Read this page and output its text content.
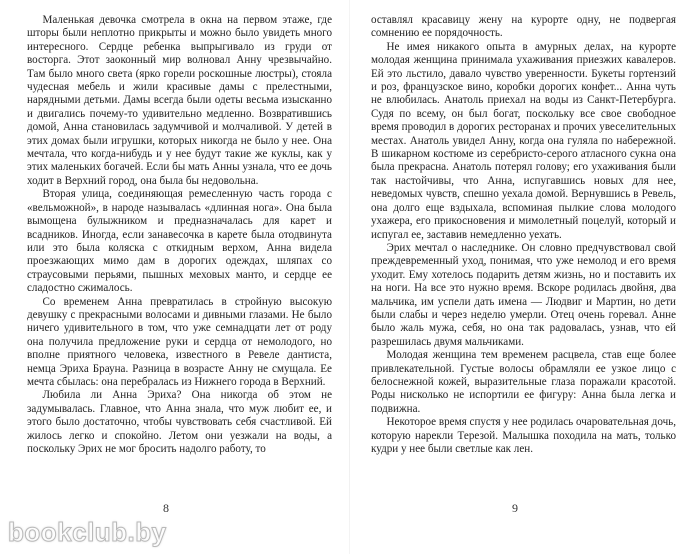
Маленькая девочка смотрела в окна на первом этаже, где шторы были неплотно прикрыты и можно было увидеть много интересного. Сердце ребенка выпрыгивало из груди от восторга. Этот заоконный мир волновал Анну чрезвычайно. Там было много света (ярко горели роскошные люстры), стояла чудесная мебель и жили красивые дамы с прелестными, нарядными детьми. Дамы всегда были одеты весьма изысканно и двигались почему-то удивительно медленно. Возвратившись домой, Анна становилась задумчивой и молчаливой. У детей в этих домах были игрушки, которых никогда не было у нее. Она мечтала, что когда-нибудь и у нее будут такие же куклы, как у этих маленьких богачей. Если бы мать Анны узнала, что ее дочь ходит в Верхний город, она была бы недовольна.

Вторая улица, соединяющая ремесленную часть города с «вельможной», в народе называлась «длинная нога». Она была вымощена булыжником и предназначалась для карет и всадников. Иногда, если занавесочка в карете была отодвинута или это была коляска с откидным верхом, Анна видела проезжающих мимо дам в дорогих одеждах, шляпах со страусовыми перьями, пышных меховых манто, и сердце ее сладостно сжималось.

Со временем Анна превратилась в стройную высокую девушку с прекрасными волосами и дивными глазами. Не было ничего удивительного в том, что уже семнадцати лет от роду она получила предложение руки и сердца от немолодого, но вполне приятного человека, известного в Ревеле дантиста, немца Эриха Брауна. Разница в возрасте Анну не смущала. Ее мечта сбылась: она перебралась из Нижнего города в Верхний.

Любила ли Анна Эриха? Она никогда об этом не задумывалась. Главное, что Анна знала, что муж любит ее, и этого было достаточно, чтобы чувствовать себя счастливой. Ей жилось легко и спокойно. Летом они уезжали на воды, а поскольку Эрих не мог бросить надолго работу, то

оставлял красавицу жену на курорте одну, не подвергая сомнению ее порядочность.

Не имея никакого опыта в амурных делах, на курорте молодая женщина принимала ухаживания приезжих кавалеров. Ей это льстило, давало чувство уверенности. Букеты гортензий и роз, французское вино, коробки дорогих конфет... Анна чуть не влюбилась. Анатоль приехал на воды из Санкт-Петербурга. Судя по всему, он был богат, поскольку все свое свободное время проводил в дорогих ресторанах и прочих увеселительных местах. Анатоль увидел Анну, когда она гуляла по набережной. В шикарном костюме из серебристо-серого атласного сукна она была прекрасна. Анатоль потерял голову; его ухаживания были так настойчивы, что Анна, испугавшись новых для нее, неведомых чувств, спешно уехала домой. Вернувшись в Ревель, она долго еще вздыхала, вспоминая пылкие слова молодого ухажера, его прикосновения и мимолетный поцелуй, который и испугал ее, заставив немедленно уехать.

Эрих мечтал о наследнике. Он словно предчувствовал свой преждевременный уход, понимая, что уже немолод и его время уходит. Ему хотелось подарить детям жизнь, но и поставить их на ноги. На все это нужно время. Вскоре родилась двойня, два мальчика, им успели дать имена — Людвиг и Мартин, но дети были слабы и через неделю умерли. Отец очень горевал. Анне было жаль мужа, себя, но она так радовалась, узнав, что ей разрешилась двумя мальчиками.

Молодая женщина тем временем расцвела, став еще более привлекательной. Густые волосы обрамляли ее узкое лицо с белоснежной кожей, выразительные глаза поражали красотой. Роды нисколько не испортили ее фигуру: Анна была легка и подвижна.

Некоторое время спустя у нее родилась очаровательная дочь, которую нарекли Терезой. Малышка походила на мать, только кудри у нее были светлые как лен.

8	9
bookclub.by
